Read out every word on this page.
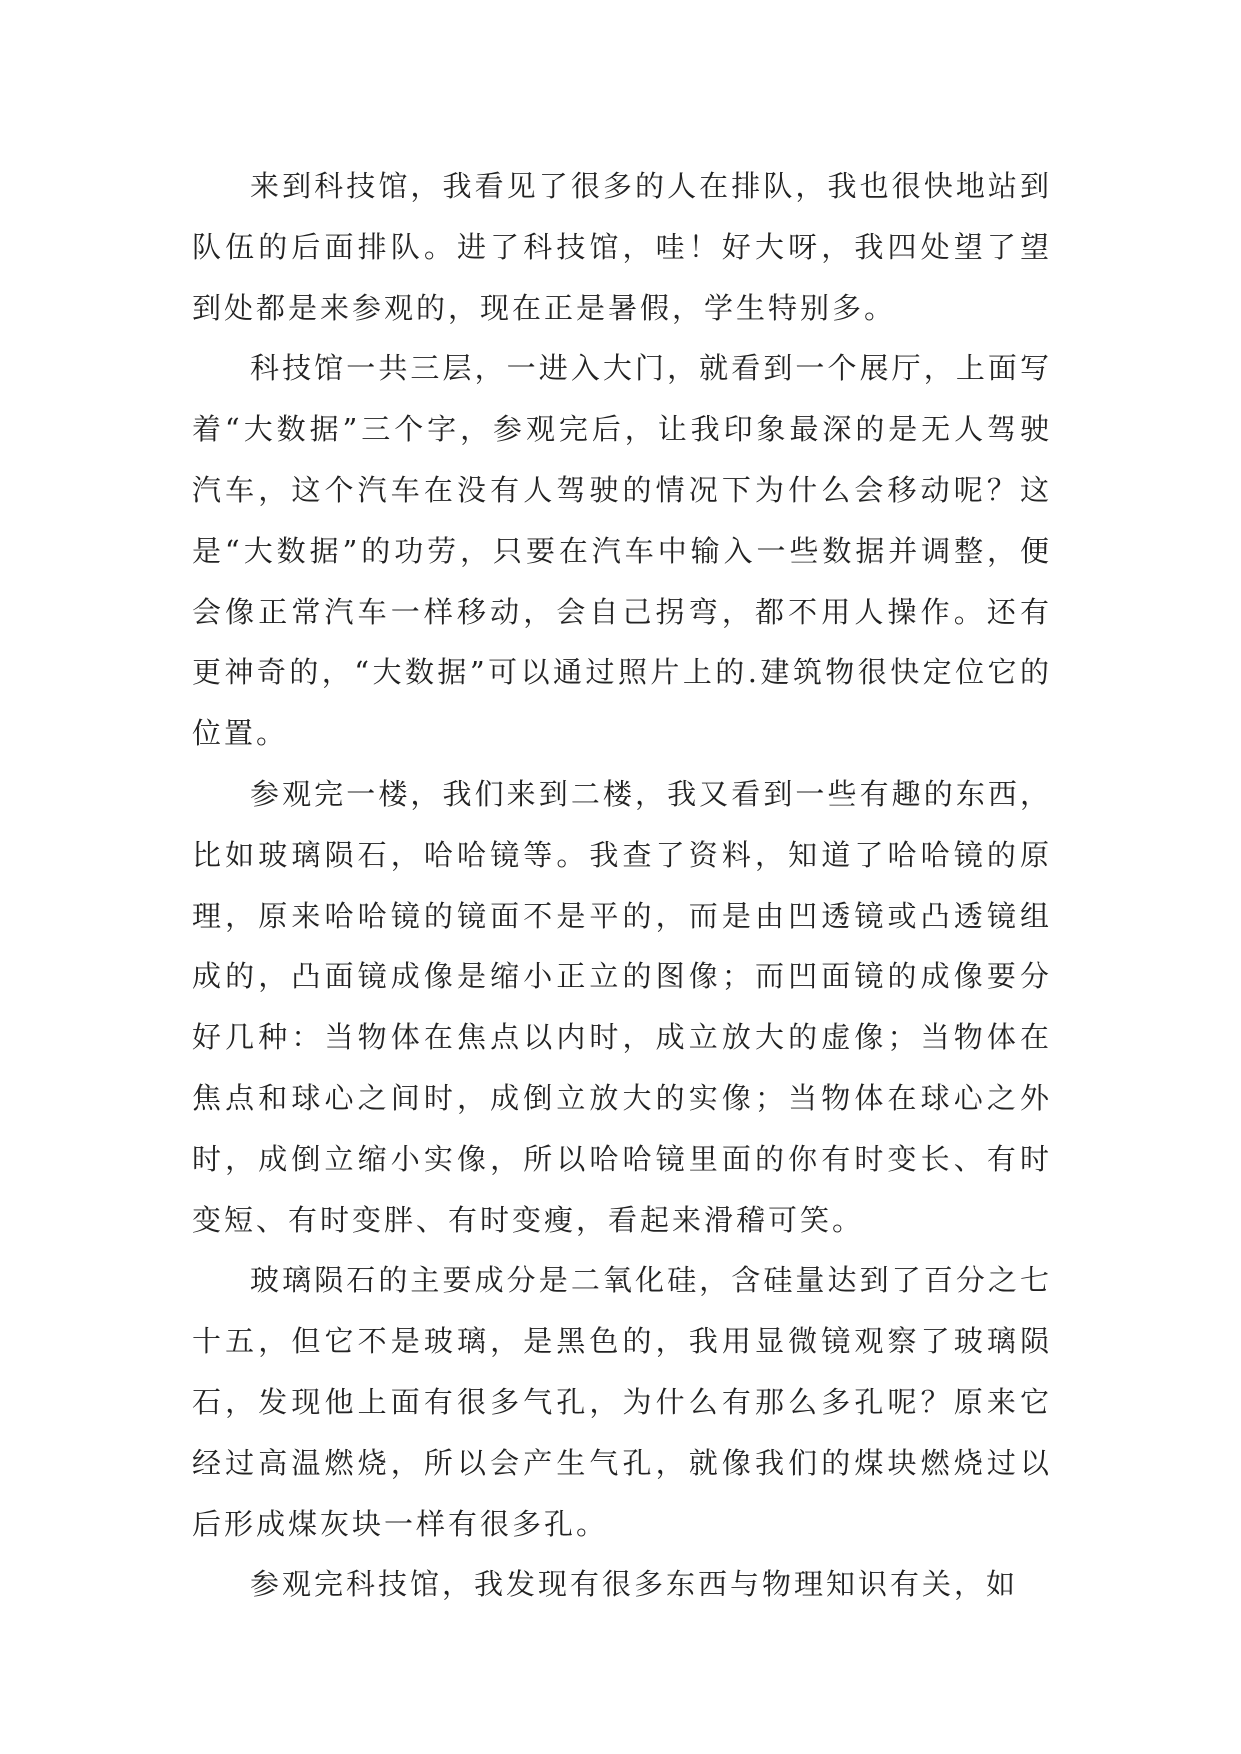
来到科技馆，我看见了很多的人在排队，我也很快地站到队伍的后面排队。进了科技馆，哇！好大呀，我四处望了望到处都是来参观的，现在正是暑假，学生特别多。

科技馆一共三层，一进入大门，就看到一个展厅，上面写着“大数据”三个字，参观完后，让我印象最深的是无人驾驶汽车，这个汽车在没有人驾驶的情况下为什么会移动呢？这是“大数据”的功劳，只要在汽车中输入一些数据并调整，便会像正常汽车一样移动，会自己拐弯，都不用人操作。还有更神奇的，“大数据”可以通过照片上的.建筑物很快定位它的位置。

参观完一楼，我们来到二楼，我又看到一些有趣的东西，比如玻璃陨石，哈哈镜等。我查了资料，知道了哈哈镜的原理，原来哈哈镜的镜面不是平的，而是由凹透镜或凸透镜组成的，凸面镜成像是缩小正立的图像；而凹面镜的成像要分好几种：当物体在焦点以内时，成立放大的虚像；当物体在焦点和球心之间时，成倒立放大的实像；当物体在球心之外时，成倒立缩小实像，所以哈哈镜里面的你有时变长、有时变短、有时变胖、有时变瘦，看起来滑稽可笑。

玻璃陨石的主要成分是二氧化硅，含硅量达到了百分之七十五，但它不是玻璃，是黑色的，我用显微镜观察了玻璃陨石，发现他上面有很多气孔，为什么有那么多孔呢？原来它经过高温燃烧，所以会产生气孔，就像我们的煤块燃烧过以后形成煤灰块一样有很多孔。

参观完科技馆，我发现有很多东西与物理知识有关，如
